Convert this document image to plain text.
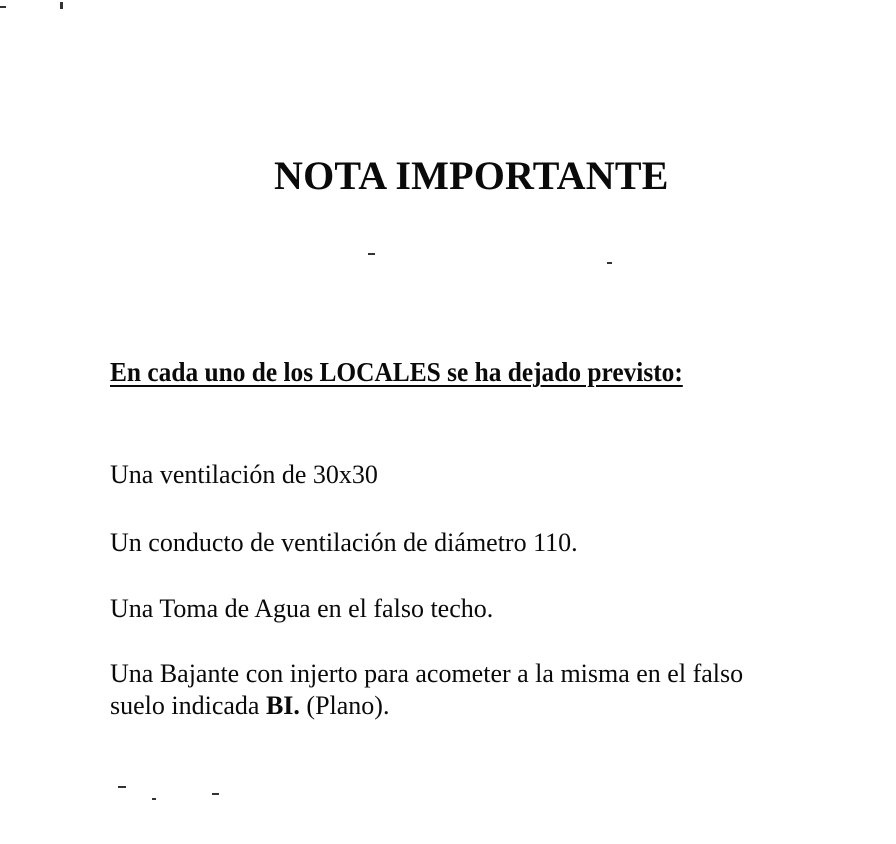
NOTA IMPORTANTE
En cada uno de los LOCALES se ha dejado previsto:
Una ventilación de 30x30
Un conducto de ventilación de diámetro 110.
Una Toma de Agua en el falso techo.
Una Bajante con injerto para acometer a la misma en el falso
suelo indicada BI. (Plano).
